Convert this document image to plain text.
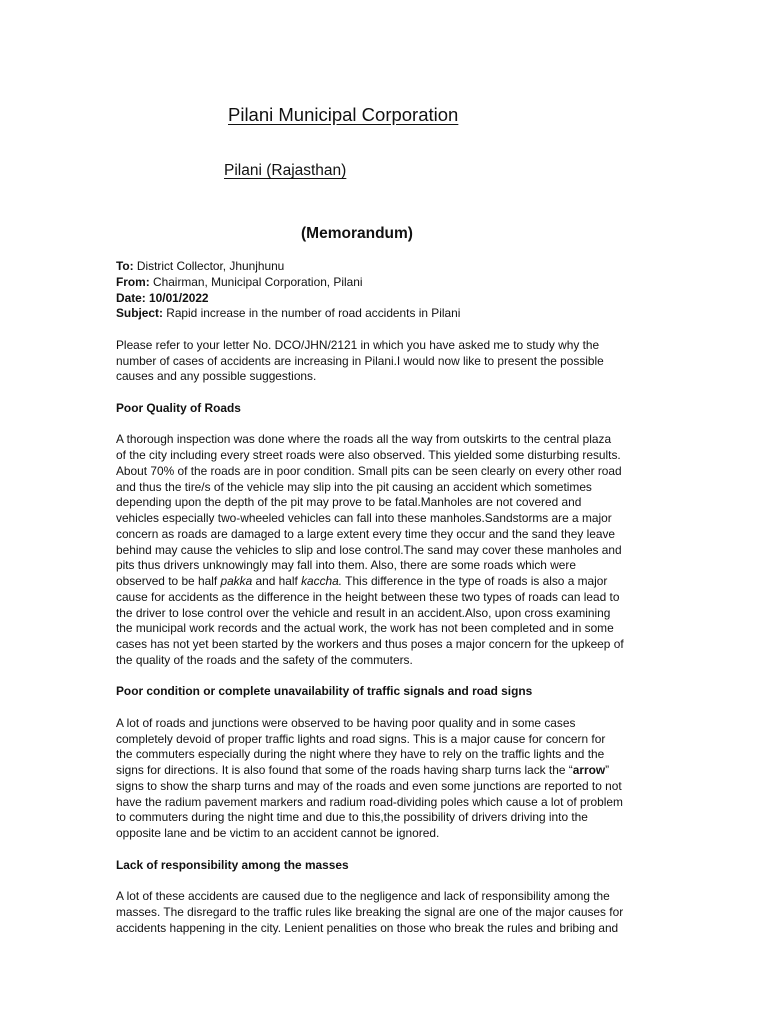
Pilani Municipal Corporation
Pilani (Rajasthan)
(Memorandum)
To: District Collector, Jhunjhunu
From: Chairman, Municipal Corporation, Pilani
Date: 10/01/2022
Subject: Rapid increase in the number of road accidents in Pilani
Please refer to your letter No. DCO/JHN/2121 in which you have asked me to study why the
number of cases of accidents are increasing in Pilani.I would now like to present the possible
causes and any possible suggestions.
Poor Quality of Roads
A thorough inspection was done where the roads all the way from outskirts to the central plaza
of the city including every street roads were also observed. This yielded some disturbing results.
About 70% of the roads are in poor condition. Small pits can be seen clearly on every other road
and thus the tire/s of the vehicle may slip into the pit causing an accident which sometimes
depending upon the depth of the pit may prove to be fatal.Manholes are not covered and
vehicles especially two-wheeled vehicles can fall into these manholes.Sandstorms are a major
concern as roads are damaged to a large extent every time they occur and the sand they leave
behind may cause the vehicles to slip and lose control.The sand may cover these manholes and
pits thus drivers unknowingly may fall into them. Also, there are some roads which were
observed to be half pakka and half kaccha. This difference in the type of roads is also a major
cause for accidents as the difference in the height between these two types of roads can lead to
the driver to lose control over the vehicle and result in an accident.Also, upon cross examining
the municipal work records and the actual work, the work has not been completed and in some
cases has not yet been started by the workers and thus poses a major concern for the upkeep of
the quality of the roads and the safety of the commuters.
Poor condition or complete unavailability of traffic signals and road signs
A lot of roads and junctions were observed to be having poor quality and in some cases
completely devoid of proper traffic lights and road signs. This is a major cause for concern for
the commuters especially during the night where they have to rely on the traffic lights and the
signs for directions. It is also found that some of the roads having sharp turns lack the “arrow”
signs to show the sharp turns and may of the roads and even some junctions are reported to not
have the radium pavement markers and radium road-dividing poles which cause a lot of problem
to commuters during the night time and due to this,the possibility of drivers driving into the
opposite lane and be victim to an accident cannot be ignored.
Lack of responsibility among the masses
A lot of these accidents are caused due to the negligence and lack of responsibility among the
masses. The disregard to the traffic rules like breaking the signal are one of the major causes for
accidents happening in the city. Lenient penalities on those who break the rules and bribing and
